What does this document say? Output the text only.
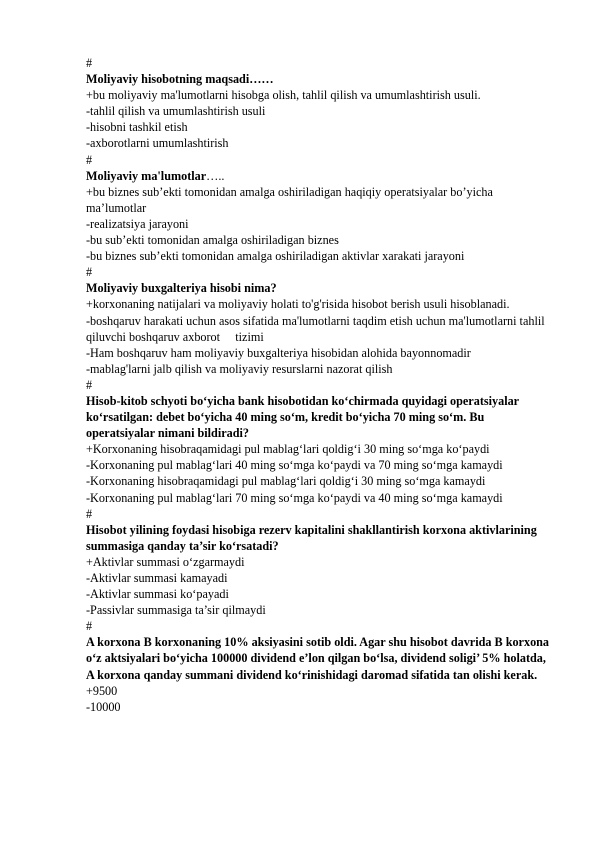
#

Moliyaviy hisobotning maqsadi……

+bu moliyaviy ma'lumotlarni hisobga olish, tahlil qilish va umumlashtirish usuli.

-tahlil qilish va umumlashtirish usuli

-hisobni tashkil etish

-axborotlarni umumlashtirish

#

Moliyaviy ma'lumotlar…..

+bu biznes sub’ekti tomonidan amalga oshiriladigan haqiqiy operatsiyalar bo’yicha ma’lumotlar

-realizatsiya jarayoni

-bu sub’ekti tomonidan amalga oshiriladigan biznes

-bu biznes sub’ekti tomonidan amalga oshiriladigan aktivlar xarakati jarayoni

#

Moliyaviy buxgalteriya hisobi nima?

+korxonaning natijalari va moliyaviy holati to'g'risida hisobot berish usuli hisoblanadi.

-boshqaruv harakati uchun asos sifatida ma'lumotlarni taqdim etish uchun ma'lumotlarni tahlil qiluvchi boshqaruv axborot     tizimi

-Ham boshqaruv ham moliyaviy buxgalteriya hisobidan alohida bayonnomadir

-mablag'larni jalb qilish va moliyaviy resurslarni nazorat qilish

#

Hisob-kitob schyoti bo‘yicha bank hisobotidan ko‘chirmada quyidagi operatsiyalar ko‘rsatilgan: debet bo‘yicha 40 ming so‘m, kredit bo‘yicha 70 ming so‘m. Bu operatsiyalar nimani bildiradi?

+Korxonaning hisobraqamidagi pul mablag‘lari qoldig‘i 30 ming so‘mga ko‘paydi

-Korxonaning pul mablag‘lari 40 ming so‘mga ko‘paydi va 70 ming so‘mga kamaydi

-Korxonaning hisobraqamidagi pul mablag‘lari qoldig‘i 30 ming so‘mga kamaydi

-Korxonaning pul mablag‘lari 70 ming so‘mga ko‘paydi va 40 ming so‘mga kamaydi

#

Hisobot yilining foydasi hisobiga rezerv kapitalini shakllantirish korxona aktivlarining summasiga qanday ta’sir ko‘rsatadi?

+Aktivlar summasi o‘zgarmaydi

-Aktivlar summasi kamayadi

-Aktivlar summasi ko‘payadi

-Passivlar summasiga ta’sir qilmaydi

#

A korxona B korxonaning 10% aksiyasini sotib oldi. Agar shu hisobot davrida B korxona o‘z aktsiyalari bo‘yicha 100000 dividend e’lon qilgan bo‘lsa, dividend soligi’ 5% holatda, A korxona qanday summani dividend ko‘rinishidagi daromad sifatida tan olishi kerak.

+9500

-10000
